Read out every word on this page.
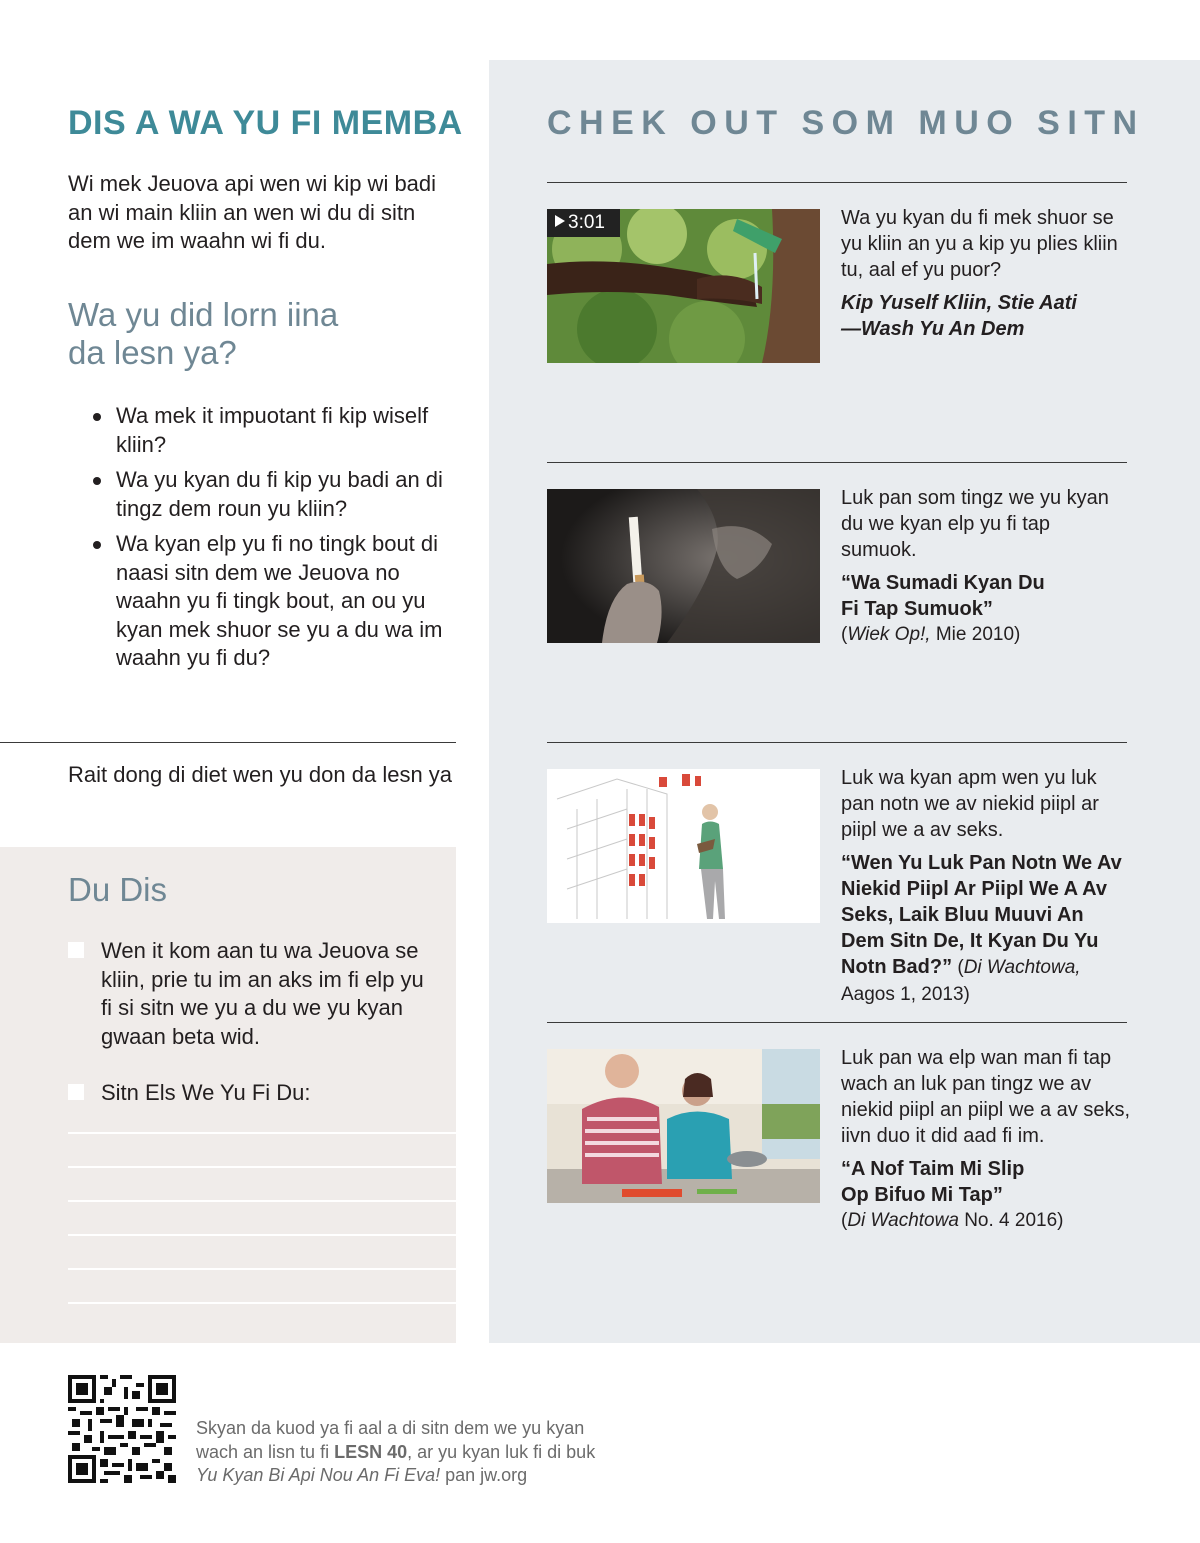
CHEK OUT SOM MUO SITN
3:01	Wa yu kyan du fi mek shuor se yu kliin an yu a kip yu plies kliin tu, aal ef yu puor?

Kip Yuself Kliin, Stie Aati
—Wash Yu An Dem

Luk pan som tingz we yu kyan du we kyan elp yu fi tap sumuok.

“Wa Sumadi Kyan Du
Fi Tap Sumuok”
(Wiek Op!, Mie 2010)

Luk wa kyan apm wen yu luk pan notn we av niekid piipl ar piipl we a av seks.

“Wen Yu Luk Pan Notn We Av Niekid Piipl Ar Piipl We A Av Seks, Laik Bluu Muuvi An Dem Sitn De, It Kyan Du Yu Notn Bad?” (Di Wachtowa, Aagos 1, 2013)

Luk pan wa elp wan man fi tap wach an luk pan tingz we av niekid piipl an piipl we a av seks, iivn duo it did aad fi im.

“A Nof Taim Mi Slip
Op Bifuo Mi Tap”
(Di Wachtowa No. 4 2016)
DIS A WA YU FI MEMBA
Wi mek Jeuova api wen wi kip wi badi an wi main kliin an wen wi du di sitn dem we im waahn wi fi du.
Wa yu did lorn iina
da lesn ya?
Wa mek it impuotant fi kip wiself kliin?
Wa yu kyan du fi kip yu badi an di tingz dem roun yu kliin?
Wa kyan elp yu fi no tingk bout di naasi sitn dem we Jeuova no waahn yu fi tingk bout, an ou yu kyan mek shuor se yu a du wa im waahn yu fi du?
Rait dong di diet wen yu don da lesn ya
Du Dis
Wen it kom aan tu wa Jeuova se kliin, prie tu im an aks im fi elp yu fi si sitn we yu a du we yu kyan gwaan beta wid.
Sitn Els We Yu Fi Du:
Skyan da kuod ya fi aal a di sitn dem we yu kyan
wach an lisn tu fi LESN 40, ar yu kyan luk fi di buk
Yu Kyan Bi Api Nou An Fi Eva! pan jw.org
